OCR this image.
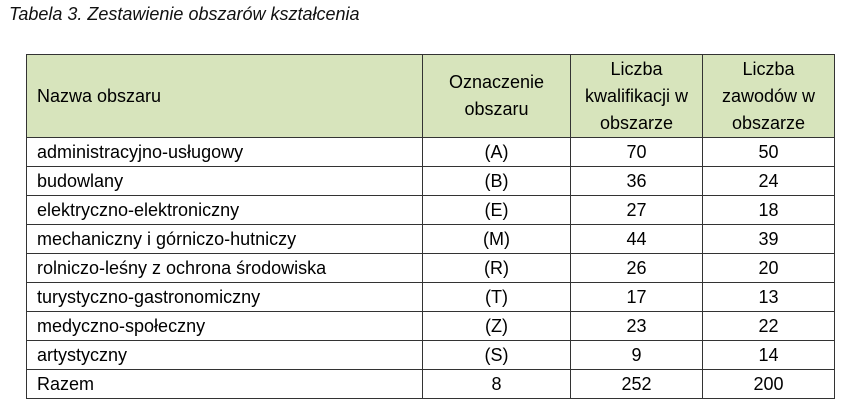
Tabela 3. Zestawienie obszarów kształcenia
Nazwa obszaru	Oznaczenie obszaru	Liczba kwalifikacji w obszarze	Liczba zawodów w obszarze
administracyjno-usługowy	(A)	70	50
budowlany	(B)	36	24
elektryczno-elektroniczny	(E)	27	18
mechaniczny i górniczo-hutniczy	(M)	44	39
rolniczo-leśny z ochrona środowiska	(R)	26	20
turystyczno-gastronomiczny	(T)	17	13
medyczno-społeczny	(Z)	23	22
artystyczny	(S)	9	14
Razem	8	252	200
